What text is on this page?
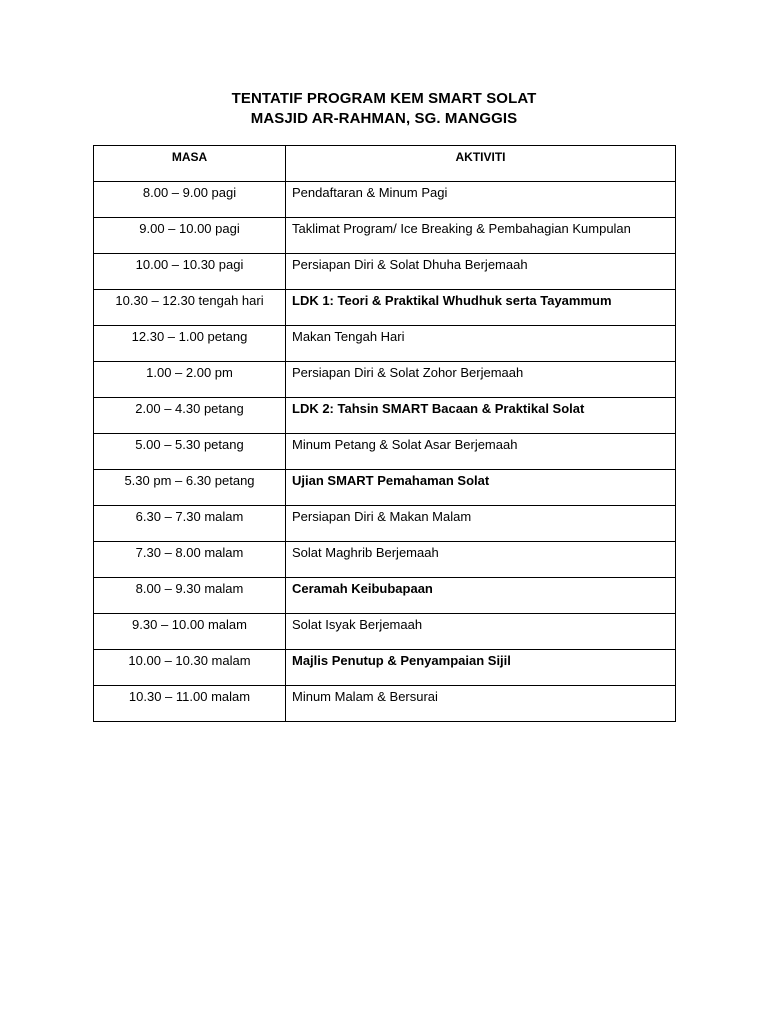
TENTATIF PROGRAM KEM SMART SOLAT
MASJID AR-RAHMAN, SG. MANGGIS
MASA	AKTIVITI

8.00 – 9.00 pagi	Pendaftaran & Minum Pagi

9.00 – 10.00 pagi	Taklimat Program/ Ice Breaking & Pembahagian Kumpulan

10.00 – 10.30 pagi	Persiapan Diri & Solat Dhuha Berjemaah

10.30 – 12.30 tengah hari	LDK 1: Teori & Praktikal Whudhuk serta Tayammum

12.30 – 1.00 petang	Makan Tengah Hari

1.00 – 2.00 pm	Persiapan Diri & Solat Zohor Berjemaah

2.00 – 4.30 petang	LDK 2: Tahsin SMART Bacaan & Praktikal Solat

5.00 – 5.30 petang	Minum Petang & Solat Asar Berjemaah

5.30 pm – 6.30 petang	Ujian SMART Pemahaman Solat

6.30 – 7.30 malam	Persiapan Diri & Makan Malam

7.30 – 8.00 malam	Solat Maghrib Berjemaah

8.00 – 9.30 malam	Ceramah Keibubapaan

9.30 – 10.00 malam	Solat Isyak Berjemaah

10.00 – 10.30 malam	Majlis Penutup & Penyampaian Sijil

10.30 – 11.00 malam	Minum Malam & Bersurai
